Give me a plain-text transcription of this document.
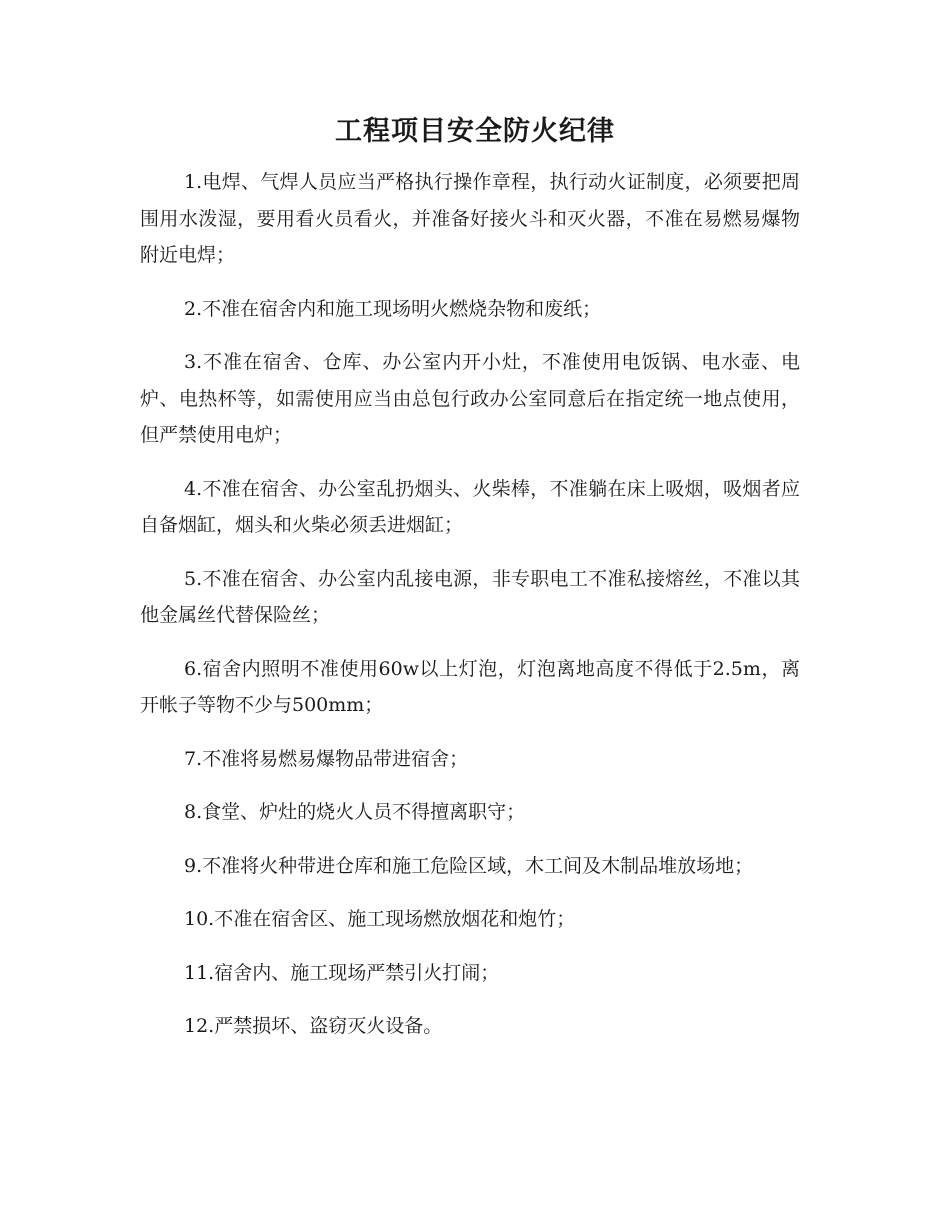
工程项目安全防火纪律
1.电焊、气焊人员应当严格执行操作章程，执行动火证制度，必须要把周围用水泼湿，要用看火员看火，并准备好接火斗和灭火器，不准在易燃易爆物附近电焊；
2.不准在宿舍内和施工现场明火燃烧杂物和废纸；
3.不准在宿舍、仓库、办公室内开小灶，不准使用电饭锅、电水壶、电炉、电热杯等，如需使用应当由总包行政办公室同意后在指定统一地点使用，但严禁使用电炉；
4.不准在宿舍、办公室乱扔烟头、火柴棒，不准躺在床上吸烟，吸烟者应自备烟缸，烟头和火柴必须丢进烟缸；
5.不准在宿舍、办公室内乱接电源，非专职电工不准私接熔丝，不准以其他金属丝代替保险丝；
6.宿舍内照明不准使用60w以上灯泡，灯泡离地高度不得低于2.5m，离开帐子等物不少与500mm；
7.不准将易燃易爆物品带进宿舍；
8.食堂、炉灶的烧火人员不得擅离职守；
9.不准将火种带进仓库和施工危险区域，木工间及木制品堆放场地；
10.不准在宿舍区、施工现场燃放烟花和炮竹；
11.宿舍内、施工现场严禁引火打闹；
12.严禁损坏、盗窃灭火设备。
